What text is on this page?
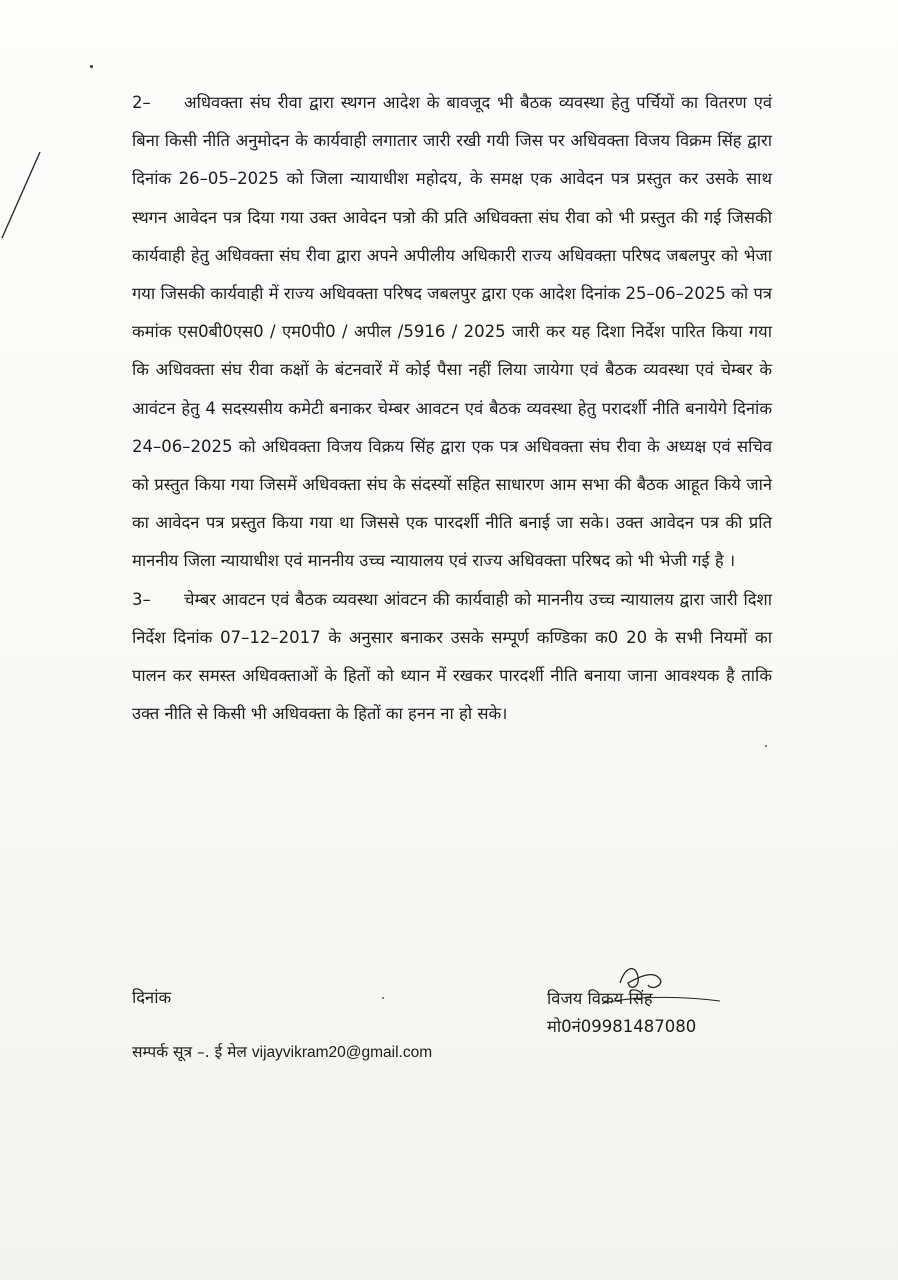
2– अधिवक्ता संघ रीवा द्वारा स्थगन आदेश के बावजूद भी बैठक व्यवस्था हेतु पर्चियों का वितरण एवं बिना किसी नीति अनुमोदन के कार्यवाही लगातार जारी रखी गयी जिस पर अधिवक्ता विजय विक्रम सिंह द्वारा दिनांक 26–05–2025 को जिला न्यायाधीश महोदय, के समक्ष एक आवेदन पत्र प्रस्तुत कर उसके साथ स्थगन आवेदन पत्र दिया गया उक्त आवेदन पत्रो की प्रति अधिवक्ता संघ रीवा को भी प्रस्तुत की गई जिसकी कार्यवाही हेतु अधिवक्ता संघ रीवा द्वारा अपने अपीलीय अधिकारी राज्य अधिवक्ता परिषद जबलपुर को भेजा गया जिसकी कार्यवाही में राज्य अधिवक्ता परिषद जबलपुर द्वारा एक आदेश दिनांक 25–06–2025 को पत्र कमांक एस0बी0एस0 / एम0पी0 / अपील /5916 / 2025 जारी कर यह दिशा निर्देश पारित किया गया कि अधिवक्ता संघ रीवा कक्षों के बंटनवारें में कोई पैसा नहीं लिया जायेगा एवं बैठक व्यवस्था एवं चेम्बर के आवंटन हेतु 4 सदस्यसीय कमेटी बनाकर चेम्बर आवटन एवं बैठक व्यवस्था हेतु परादर्शी नीति बनायेगे दिनांक 24–06–2025 को अधिवक्ता विजय विक्रय सिंह द्वारा एक पत्र अधिवक्ता संघ रीवा के अध्यक्ष एवं सचिव को प्रस्तुत किया गया जिसमें अधिवक्ता संघ के संदस्यों सहित साधारण आम सभा की बैठक आहूत किये जाने का आवेदन पत्र प्रस्तुत किया गया था जिससे एक पारदर्शी नीति बनाई जा सके। उक्त आवेदन पत्र की प्रति माननीय जिला न्यायाधीश एवं माननीय उच्च न्यायालय एवं राज्य अधिवक्ता परिषद को भी भेजी गई है ।

3– चेम्बर आवटन एवं बैठक व्यवस्था आंवटन की कार्यवाही को माननीय उच्च न्यायालय द्वारा जारी दिशा निर्देश दिनांक 07–12–2017 के अनुसार बनाकर उसके सम्पूर्ण कण्डिका क0 20 के सभी नियमों का पालन कर समस्त अधिवक्ताओं के हितों को ध्यान में रखकर पारदर्शी नीति बनाया जाना आवश्यक है ताकि उक्त नीति से किसी भी अधिवक्ता के हितों का हनन ना हो सके।

दिनांक	विजय विक्रय सिंह
मो0नं09981487080
सम्पर्क सूत्र –. ई मेल vijayvikram20@gmail.com
